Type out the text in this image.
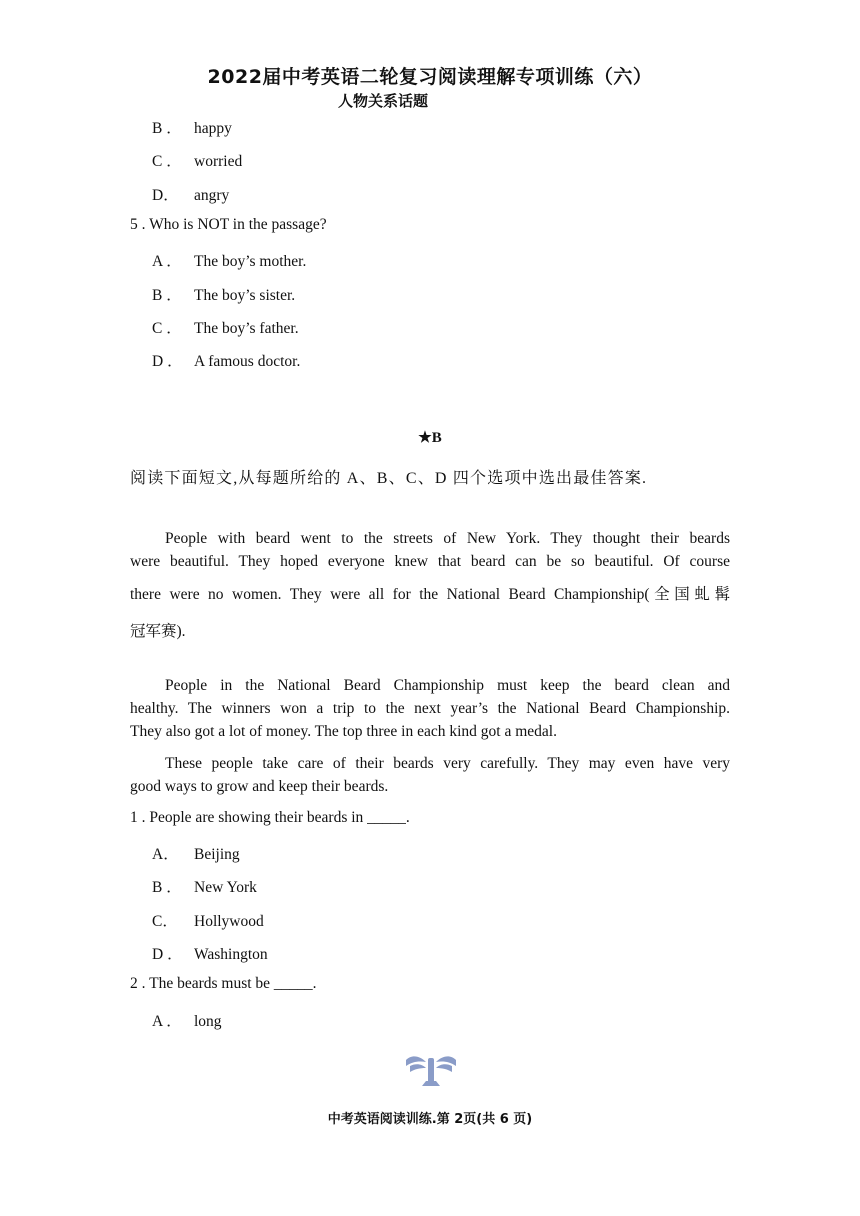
2022届中考英语二轮复习阅读理解专项训练（六）
人物关系话题
B ． happy
C ． worried
D． angry
5 . Who is NOT in the passage?
A ． The boy’s mother.
B ． The boy’s sister.
C ． The boy’s father.
D ． A famous doctor.
★B
阅读下面短文,从每题所给的 A、B、C、D 四个选项中选出最佳答案.
People with beard went to the streets of New York. They thought their beards
were beautiful. They hoped everyone knew that beard can be so beautiful. Of course
there were no women. They were all for the National Beard Championship(全国虬髯
冠军赛).
People in the National Beard Championship must keep the beard clean and
healthy. The winners won a trip to the next year’s the National Beard Championship.
They also got a lot of money. The top three in each kind got a medal.
These people take care of their beards very carefully. They may even have very
good ways to grow and keep their beards.
1 . People are showing their beards in _____.
A． Beijing
B ． New York
C． Hollywood
D ． Washington
2 . The beards must be _____.
A ． long
中考英语阅读训练.第 2页(共 6 页)
